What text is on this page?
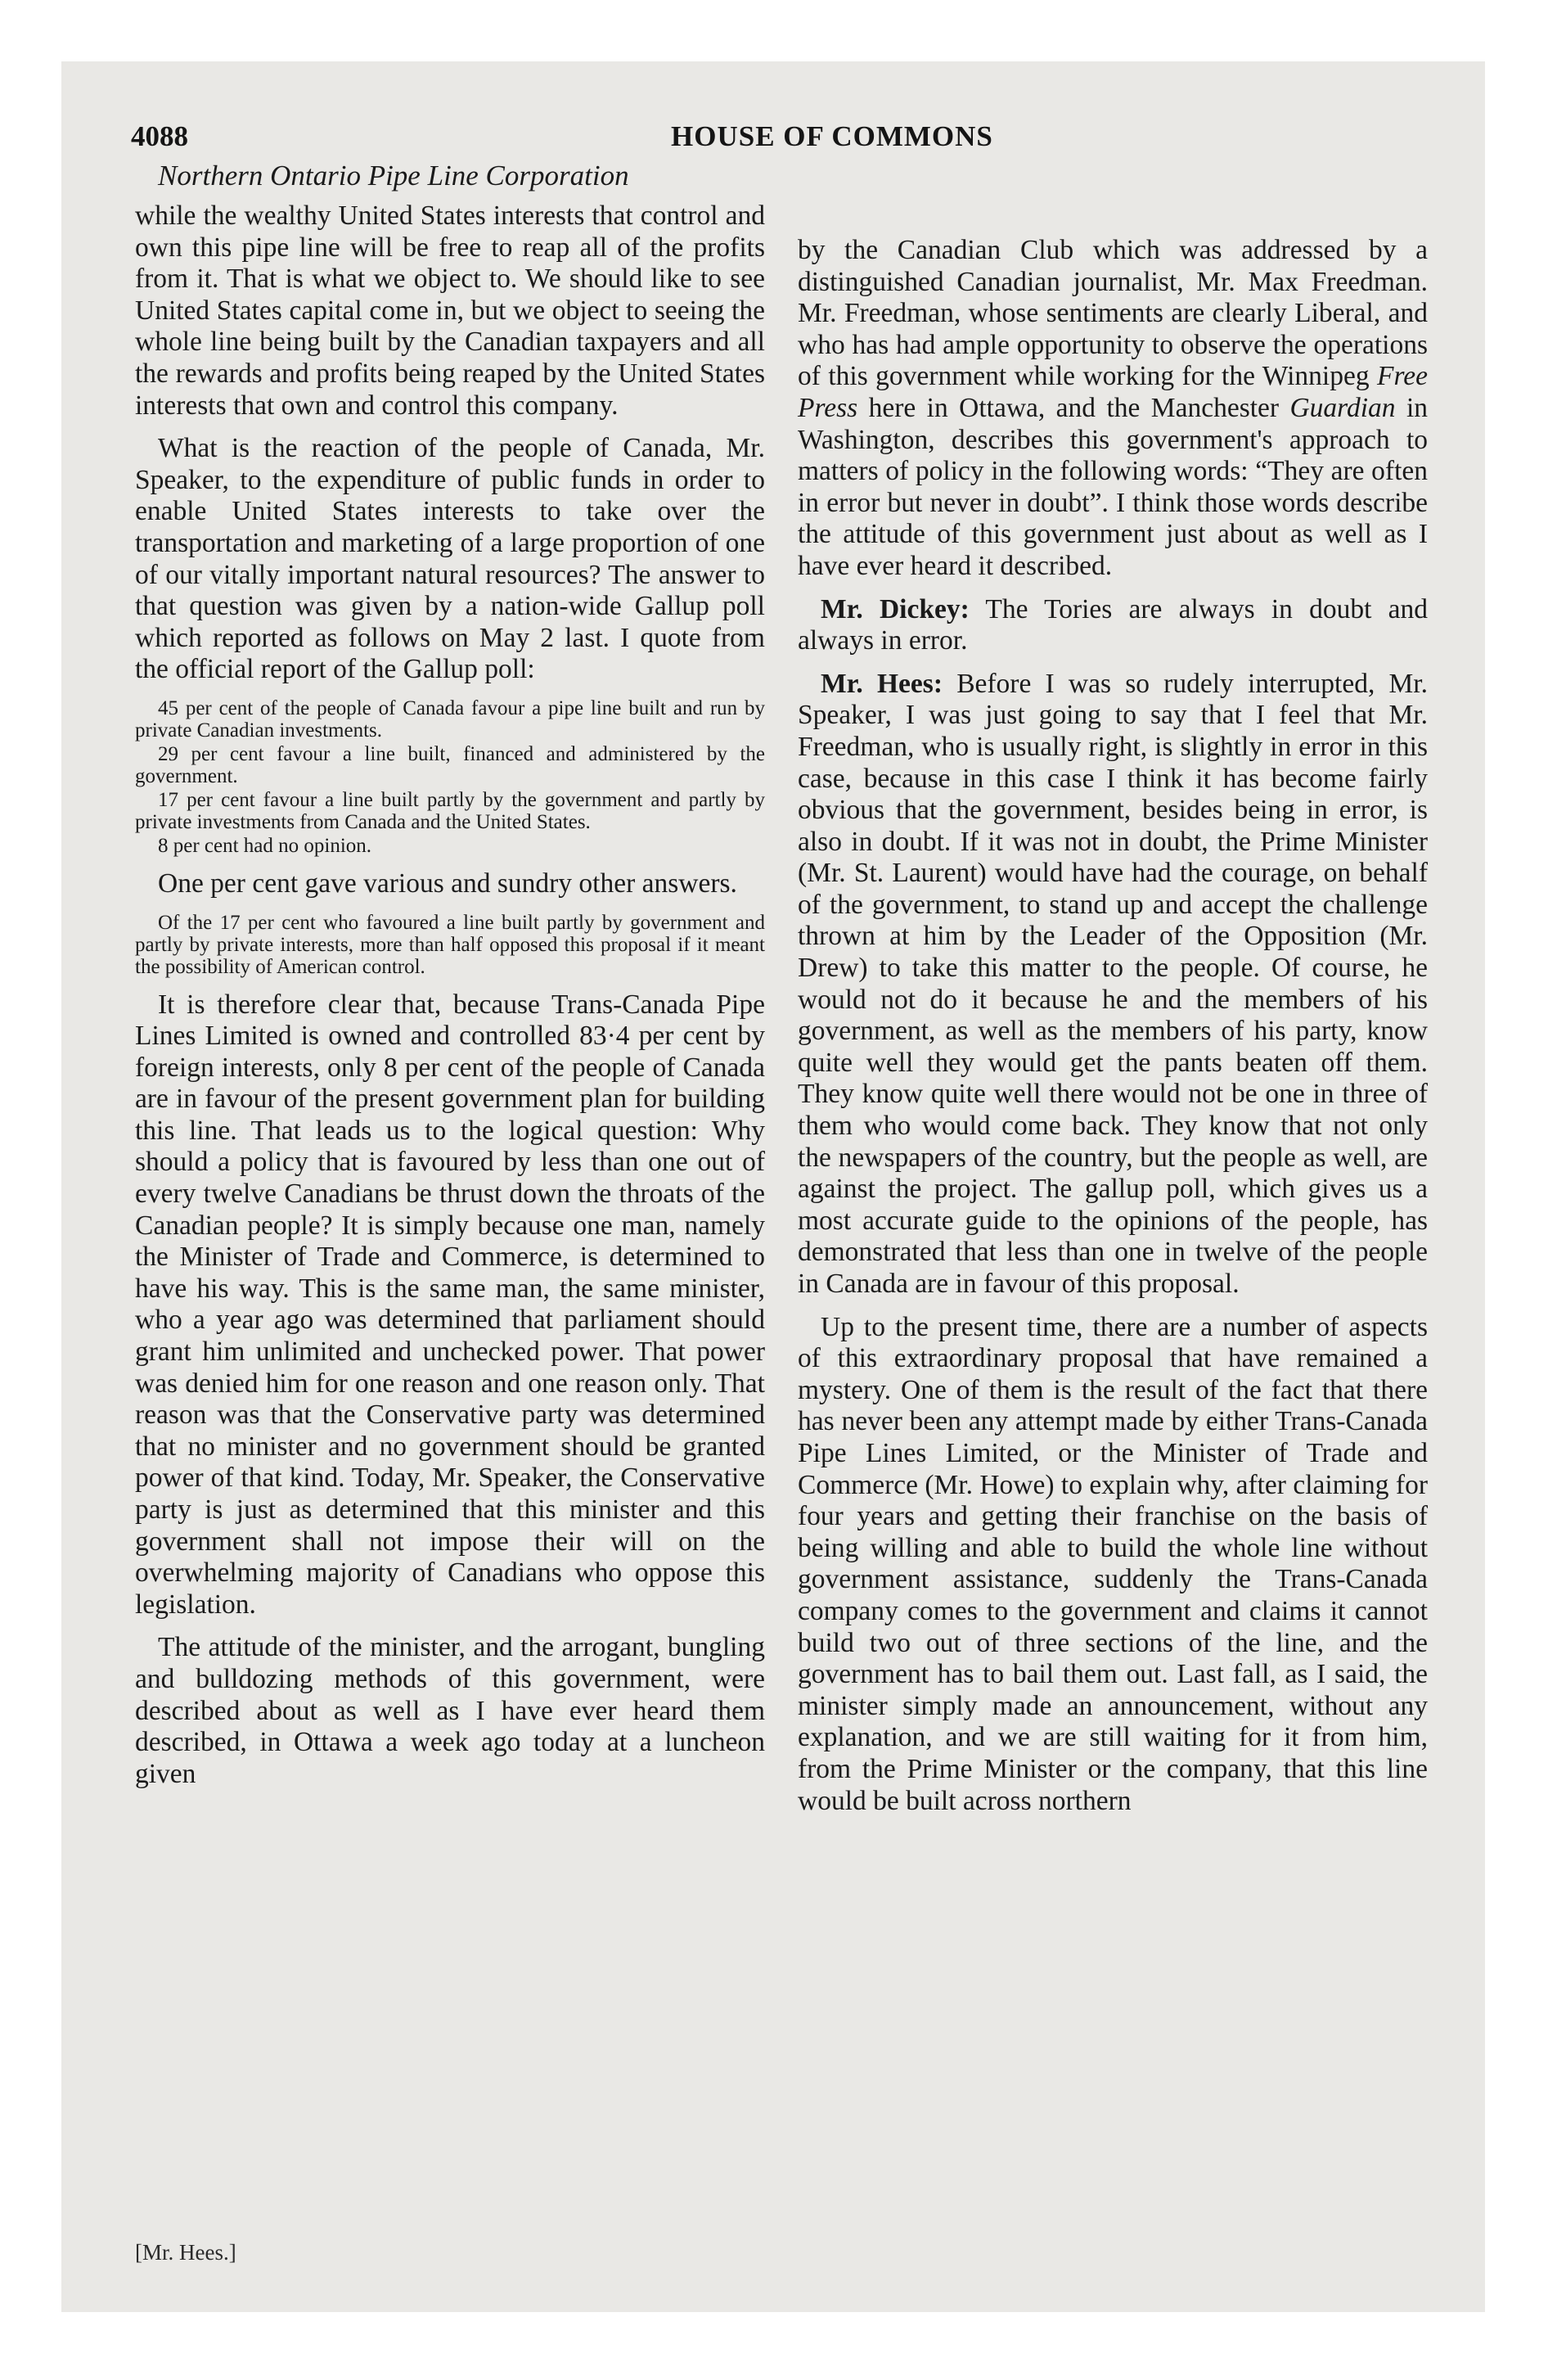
4088	HOUSE OF COMMONS
Northern Ontario Pipe Line Corporation

while the wealthy United States interests that control and own this pipe line will be free to reap all of the profits from it. That is what we object to. We should like to see United States capital come in, but we object to seeing the whole line being built by the Canadian taxpayers and all the rewards and profits being reaped by the United States interests that own and control this company.

What is the reaction of the people of Canada, Mr. Speaker, to the expenditure of public funds in order to enable United States interests to take over the transportation and marketing of a large proportion of one of our vitally important natural resources? The answer to that question was given by a nation-wide Gallup poll which reported as follows on May 2 last. I quote from the official report of the Gallup poll:

45 per cent of the people of Canada favour a pipe line built and run by private Canadian investments.

29 per cent favour a line built, financed and administered by the government.

17 per cent favour a line built partly by the government and partly by private investments from Canada and the United States.

8 per cent had no opinion.

One per cent gave various and sundry other answers.

Of the 17 per cent who favoured a line built partly by government and partly by private interests, more than half opposed this proposal if it meant the possibility of American control.

It is therefore clear that, because Trans-Canada Pipe Lines Limited is owned and controlled 83·4 per cent by foreign interests, only 8 per cent of the people of Canada are in favour of the present government plan for building this line. That leads us to the logical question: Why should a policy that is favoured by less than one out of every twelve Canadians be thrust down the throats of the Canadian people? It is simply because one man, namely the Minister of Trade and Commerce, is determined to have his way. This is the same man, the same minister, who a year ago was determined that parliament should grant him unlimited and unchecked power. That power was denied him for one reason and one reason only. That reason was that the Conservative party was determined that no minister and no government should be granted power of that kind. Today, Mr. Speaker, the Conservative party is just as determined that this minister and this government shall not impose their will on the overwhelming majority of Canadians who oppose this legislation.

The attitude of the minister, and the arrogant, bungling and bulldozing methods of this government, were described about as well as I have ever heard them described, in Ottawa a week ago today at a luncheon given

by the Canadian Club which was addressed by a distinguished Canadian journalist, Mr. Max Freedman. Mr. Freedman, whose sentiments are clearly Liberal, and who has had ample opportunity to observe the operations of this government while working for the Winnipeg Free Press here in Ottawa, and the Manchester Guardian in Washington, describes this government's approach to matters of policy in the following words: “They are often in error but never in doubt”. I think those words describe the attitude of this government just about as well as I have ever heard it described.

Mr. Dickey: The Tories are always in doubt and always in error.

Mr. Hees: Before I was so rudely interrupted, Mr. Speaker, I was just going to say that I feel that Mr. Freedman, who is usually right, is slightly in error in this case, because in this case I think it has become fairly obvious that the government, besides being in error, is also in doubt. If it was not in doubt, the Prime Minister (Mr. St. Laurent) would have had the courage, on behalf of the government, to stand up and accept the challenge thrown at him by the Leader of the Opposition (Mr. Drew) to take this matter to the people. Of course, he would not do it because he and the members of his government, as well as the members of his party, know quite well they would get the pants beaten off them. They know quite well there would not be one in three of them who would come back. They know that not only the newspapers of the country, but the people as well, are against the project. The gallup poll, which gives us a most accurate guide to the opinions of the people, has demonstrated that less than one in twelve of the people in Canada are in favour of this proposal.

Up to the present time, there are a number of aspects of this extraordinary proposal that have remained a mystery. One of them is the result of the fact that there has never been any attempt made by either Trans-Canada Pipe Lines Limited, or the Minister of Trade and Commerce (Mr. Howe) to explain why, after claiming for four years and getting their franchise on the basis of being willing and able to build the whole line without government assistance, suddenly the Trans-Canada company comes to the government and claims it cannot build two out of three sections of the line, and the government has to bail them out. Last fall, as I said, the minister simply made an announcement, without any explanation, and we are still waiting for it from him, from the Prime Minister or the company, that this line would be built across northern

[Mr. Hees.]
